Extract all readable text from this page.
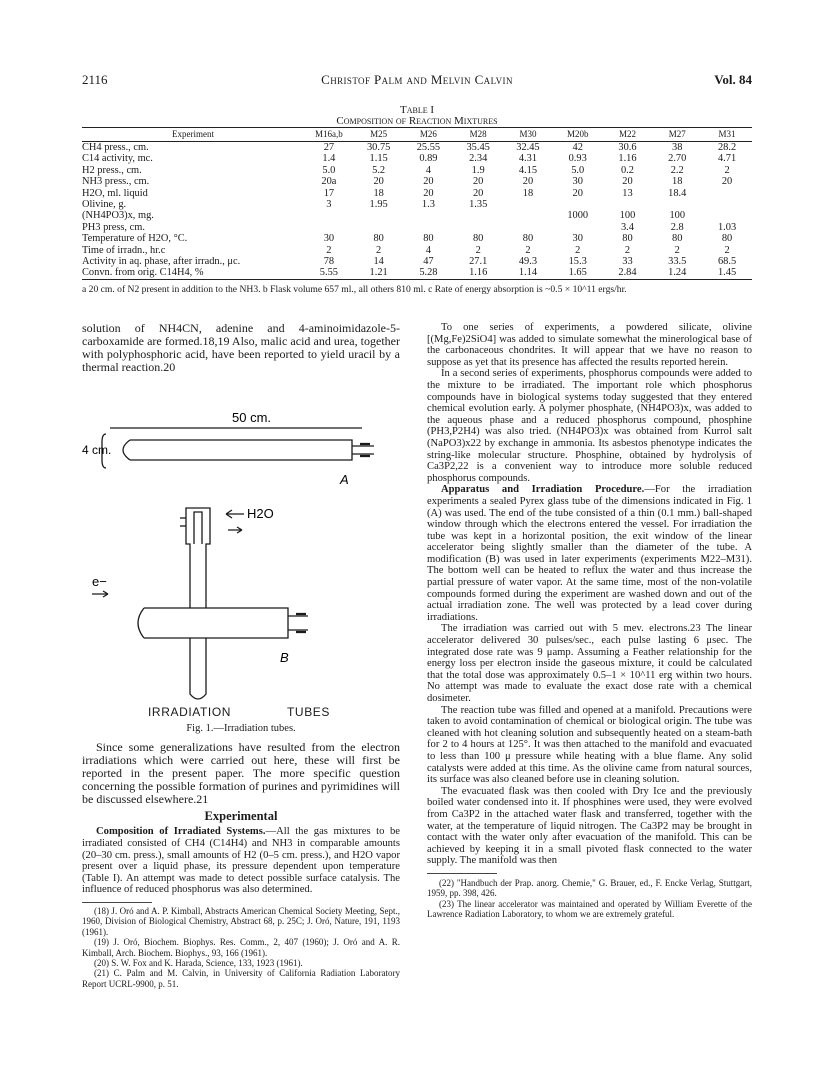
2116	Christof Palm and Melvin Calvin	Vol. 84
Table I
Composition of Reaction Mixtures
Experiment	M16a,b	M25	M26	M28	M30	M20b	M22	M27	M31
CH4 press., cm.	27	30.75	25.55	35.45	32.45	42	30.6	38	28.2
C14 activity, mc.	1.4	1.15	0.89	2.34	4.31	0.93	1.16	2.70	4.71
H2 press., cm.	5.0	5.2	4	1.9	4.15	5.0	0.2	2.2	2
NH3 press., cm.	20a	20	20	20	20	30	20	18	20
H2O, ml. liquid	17	18	20	20	18	20	13	18.4	
Olivine, g.	3	1.95	1.3	1.35					
(NH4PO3)x, mg.						1000	100	100	
PH3 press, cm.							3.4	2.8	1.03
Temperature of H2O, °C.	30	80	80	80	80	30	80	80	80
Time of irradn., hr.c	2	2	4	2	2	2	2	2	2
Activity in aq. phase, after irradn., μc.	78	14	47	27.1	49.3	15.3	33	33.5	68.5
Convn. from orig. C14H4, %	5.55	1.21	5.28	1.16	1.14	1.65	2.84	1.24	1.45
a 20 cm. of N2 present in addition to the NH3. b Flask volume 657 ml., all others 810 ml. c Rate of energy absorption is ~0.5 × 10^11 ergs/hr.

solution of NH4CN, adenine and 4-aminoimidazole-5-carboxamide are formed.18,19 Also, malic acid and urea, together with polyphosphoric acid, have been reported to yield uracil by a thermal reaction.20

50 cm.
4 cm.
H2O
e−
A
B
IRRADIATION	TUBES
Fig. 1.—Irradiation tubes.

Since some generalizations have resulted from the electron irradiations which were carried out here, these will first be reported in the present paper. The more specific question concerning the possible formation of purines and pyrimidines will be discussed elsewhere.21

Experimental

Composition of Irradiated Systems.—All the gas mixtures to be irradiated consisted of CH4 (C14H4) and NH3 in comparable amounts (20–30 cm. press.), small amounts of H2 (0–5 cm. press.), and H2O vapor present over a liquid phase, its pressure dependent upon temperature (Table I). An attempt was made to detect possible surface catalysis. The influence of reduced phosphorus was also determined.

(18) J. Oró and A. P. Kimball, Abstracts American Chemical Society Meeting, Sept., 1960, Division of Biological Chemistry, Abstract 68, p. 25C; J. Oró, Nature, 191, 1193 (1961).

(19) J. Oró, Biochem. Biophys. Res. Comm., 2, 407 (1960); J. Oró and A. R. Kimball, Arch. Biochem. Biophys., 93, 166 (1961).

(20) S. W. Fox and K. Harada, Science, 133, 1923 (1961).

(21) C. Palm and M. Calvin, in University of California Radiation Laboratory Report UCRL-9900, p. 51.

To one series of experiments, a powdered silicate, olivine [(Mg,Fe)2SiO4] was added to simulate somewhat the minerological base of the carbonaceous chondrites. It will appear that we have no reason to suppose as yet that its presence has affected the results reported herein.

In a second series of experiments, phosphorus compounds were added to the mixture to be irradiated. The important role which phosphorus compounds have in biological systems today suggested that they entered chemical evolution early. A polymer phosphate, (NH4PO3)x, was added to the aqueous phase and a reduced phosphorus compound, phosphine (PH3,P2H4) was also tried. (NH4PO3)x was obtained from Kurrol salt (NaPO3)x22 by exchange in ammonia. Its asbestos phenotype indicates the string-like molecular structure. Phosphine, obtained by hydrolysis of Ca3P2,22 is a convenient way to introduce more soluble reduced phosphorus compounds.

Apparatus and Irradiation Procedure.—For the irradiation experiments a sealed Pyrex glass tube of the dimensions indicated in Fig. 1 (A) was used. The end of the tube consisted of a thin (0.1 mm.) ball-shaped window through which the electrons entered the vessel. For irradiation the tube was kept in a horizontal position, the exit window of the linear accelerator being slightly smaller than the diameter of the tube. A modification (B) was used in later experiments (experiments M22–M31). The bottom well can be heated to reflux the water and thus increase the partial pressure of water vapor. At the same time, most of the non-volatile compounds formed during the experiment are washed down and out of the actual irradiation zone. The well was protected by a lead cover during irradiations.

The irradiation was carried out with 5 mev. electrons.23 The linear accelerator delivered 30 pulses/sec., each pulse lasting 6 μsec. The integrated dose rate was 9 μamp. Assuming a Feather relationship for the energy loss per electron inside the gaseous mixture, it could be calculated that the total dose was approximately 0.5–1 × 10^11 erg within two hours. No attempt was made to evaluate the exact dose rate with a chemical dosimeter.

The reaction tube was filled and opened at a manifold. Precautions were taken to avoid contamination of chemical or biological origin. The tube was cleaned with hot cleaning solution and subsequently heated on a steam-bath for 2 to 4 hours at 125°. It was then attached to the manifold and evacuated to less than 100 μ pressure while heating with a blue flame. Any solid catalysts were added at this time. As the olivine came from natural sources, its surface was also cleaned before use in cleaning solution.

The evacuated flask was then cooled with Dry Ice and the previously boiled water condensed into it. If phosphines were used, they were evolved from Ca3P2 in the attached water flask and transferred, together with the water, at the temperature of liquid nitrogen. The Ca3P2 may be brought in contact with the water only after evacuation of the manifold. This can be achieved by keeping it in a small pivoted flask connected to the water supply. The manifold was then

(22) "Handbuch der Prap. anorg. Chemie," G. Brauer, ed., F. Encke Verlag, Stuttgart, 1959, pp. 398, 426.

(23) The linear accelerator was maintained and operated by William Everette of the Lawrence Radiation Laboratory, to whom we are extremely grateful.
